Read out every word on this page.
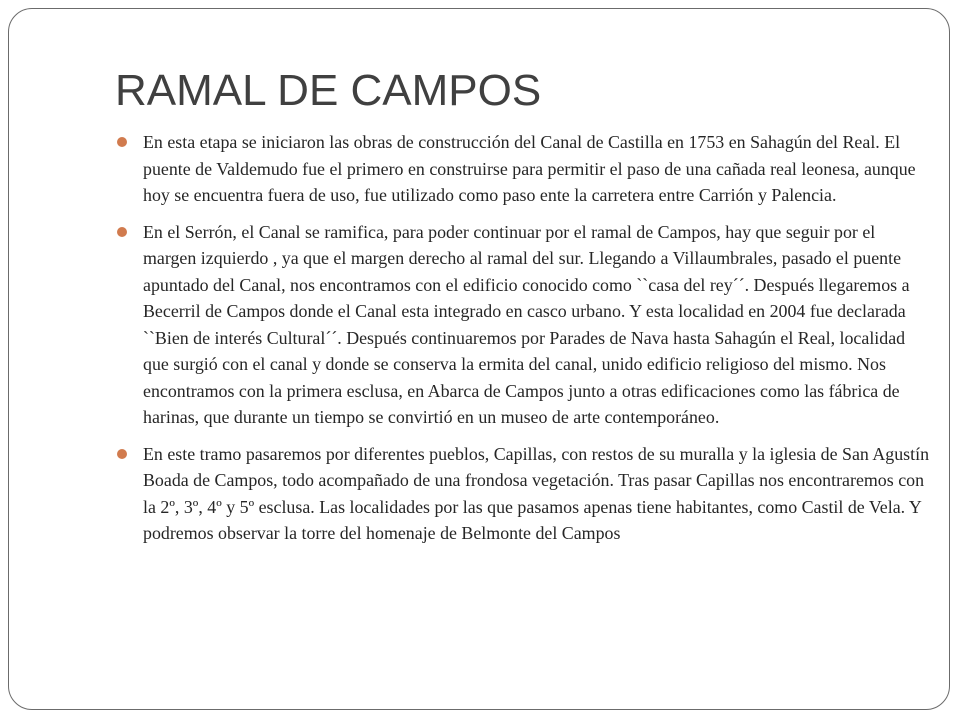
RAMAL DE CAMPOS
En esta etapa se iniciaron las obras de construcción del Canal de Castilla en 1753 en Sahagún del Real. El puente de Valdemudo fue el primero en construirse para permitir el paso de una cañada real leonesa, aunque hoy se encuentra fuera de uso, fue utilizado como paso ente la carretera entre Carrión y Palencia.
En el Serrón, el Canal se ramifica, para poder continuar por el ramal de Campos, hay que seguir por el margen izquierdo , ya que el margen derecho al ramal del sur. Llegando a Villaumbrales, pasado el puente apuntado del Canal, nos encontramos con el edificio conocido como ``casa del rey´´. Después llegaremos a Becerril de Campos donde el Canal esta integrado en casco urbano. Y esta localidad en 2004 fue declarada ``Bien de interés Cultural´´. Después continuaremos por Parades de Nava hasta Sahagún el Real, localidad que surgió con el canal y donde se conserva la ermita del canal, unido edificio religioso del mismo. Nos encontramos con la primera esclusa, en Abarca de Campos junto a otras edificaciones como las fábrica de harinas, que durante un tiempo se convirtió en un museo de arte contemporáneo.
En este tramo pasaremos por diferentes pueblos, Capillas, con restos de su muralla y la iglesia de San Agustín Boada de Campos, todo acompañado de una frondosa vegetación. Tras pasar Capillas nos encontraremos con la 2º, 3º, 4º y 5º esclusa. Las localidades por las que pasamos apenas tiene habitantes, como Castil de Vela. Y podremos observar la torre del homenaje de Belmonte del Campos
